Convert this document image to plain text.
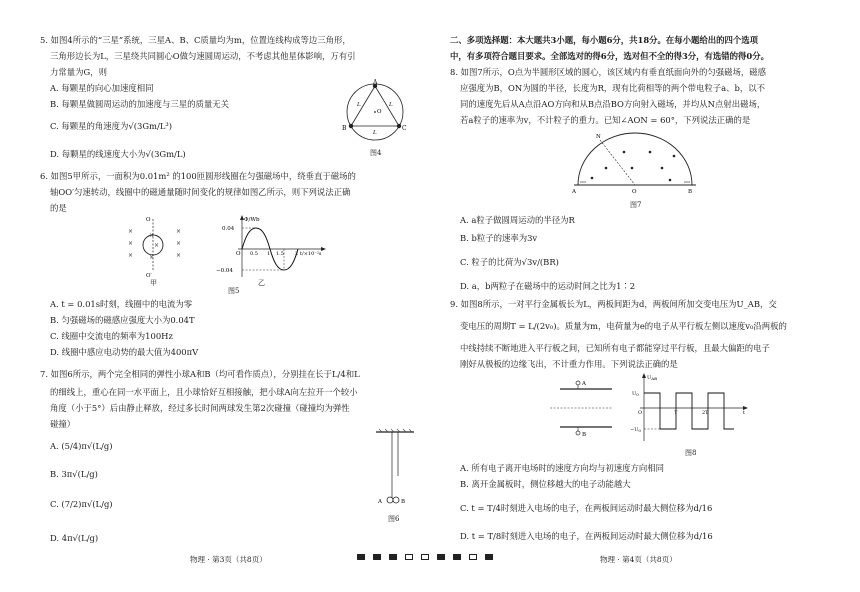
5. 如图4所示的“三星”系统，三星A、B、C质量均为m，位置连线构成等边三角形，
三角形边长为L，三星绕共同圆心O做匀速圆周运动，不考虑其他星体影响，万有引
力常量为G，则
A. 每颗星的向心加速度相同
B. 每颗星做圆周运动的加速度与三星的质量无关
C. 每颗星的角速度为√(3Gm/L³)
D. 每颗星的线速度大小为√(3Gm/L)
A
B	C
O
L	L
L
图4
6. 如图5甲所示，一面积为0.01m² 的100匝圆形线圈在匀强磁场中，绕垂直于磁场的
轴OO′匀速转动，线圈中的磁通量随时间变化的规律如图乙所示，则下列说法正确
的是
×
×
×
×
×
×
×
×
×
O
O′
甲
Φ/Wb
0.04
−0.04
O 0.5 1 1.5 2 t/×10⁻²s
乙
图5
A. t = 0.01s时刻，线圈中的电流为零
B. 匀强磁场的磁感应强度大小为0.04T
C. 线圈中交流电的频率为100Hz
D. 线圈中感应电动势的最大值为400πV
7. 如图6所示，两个完全相同的弹性小球A和B（均可看作质点），分别挂在长于L/4和L
的细线上，重心在同一水平面上，且小球恰好互相接触，把小球A向左拉开一个较小
角度（小于5°）后由静止释放，经过多长时间两球发生第2次碰撞（碰撞均为弹性
碰撞）
A. (5/4)π√(L/g)
B. 3π√(L/g)
C. (7/2)π√(L/g)
D. 4π√(L/g)
A	B
图6
物理 · 第3页（共8页）
二、多项选择题：本大题共3小题，每小题6分，共18分。在每小题给出的四个选项
中，有多项符合题目要求。全部选对的得6分，选对但不全的得3分，有选错的得0分。
8. 如图7所示，O点为半圆形区域的圆心，该区域内有垂直纸面向外的匀强磁场，磁感
应强度为B，ON为圆的半径，长度为R，现有比荷相等的两个带电粒子a、b，以不
同的速度先后从A点沿AO方向和从B点沿BO方向射入磁场，并均从N点射出磁场，
若a粒子的速率为v，不计粒子的重力。已知∠AON = 60°，下列说法正确的是
N
A	O	B
图7
A. a粒子做圆周运动的半径为R
B. b粒子的速率为3v
C. 粒子的比荷为√3v/(BR)
D. a，b两粒子在磁场中的运动时间之比为1∶2
9. 如图8所示，一对平行金属板长为L，两板间距为d，两板间所加交变电压为U_AB，交
变电压的周期T = L/(2v₀)。质量为m，电荷量为e的电子从平行板左侧以速度v₀沿两板的
中线持续不断地进入平行板之间，已知所有电子都能穿过平行板，且最大偏距的电子
刚好从极板的边缘飞出，不计重力作用。下列说法正确的是
A
B
$U_{AB}$
$U_0$
$-U_0$
O	T	2T	t
图8
A. 所有电子离开电场时的速度方向均与初速度方向相同
B. 离开金属板时，侧位移越大的电子动能越大
C. t = T/4时刻进入电场的电子，在两板间运动时最大侧位移为d/16
D. t = T/8时刻进入电场的电子，在两板间运动时最大侧位移为d/16
物理 · 第4页（共8页）
